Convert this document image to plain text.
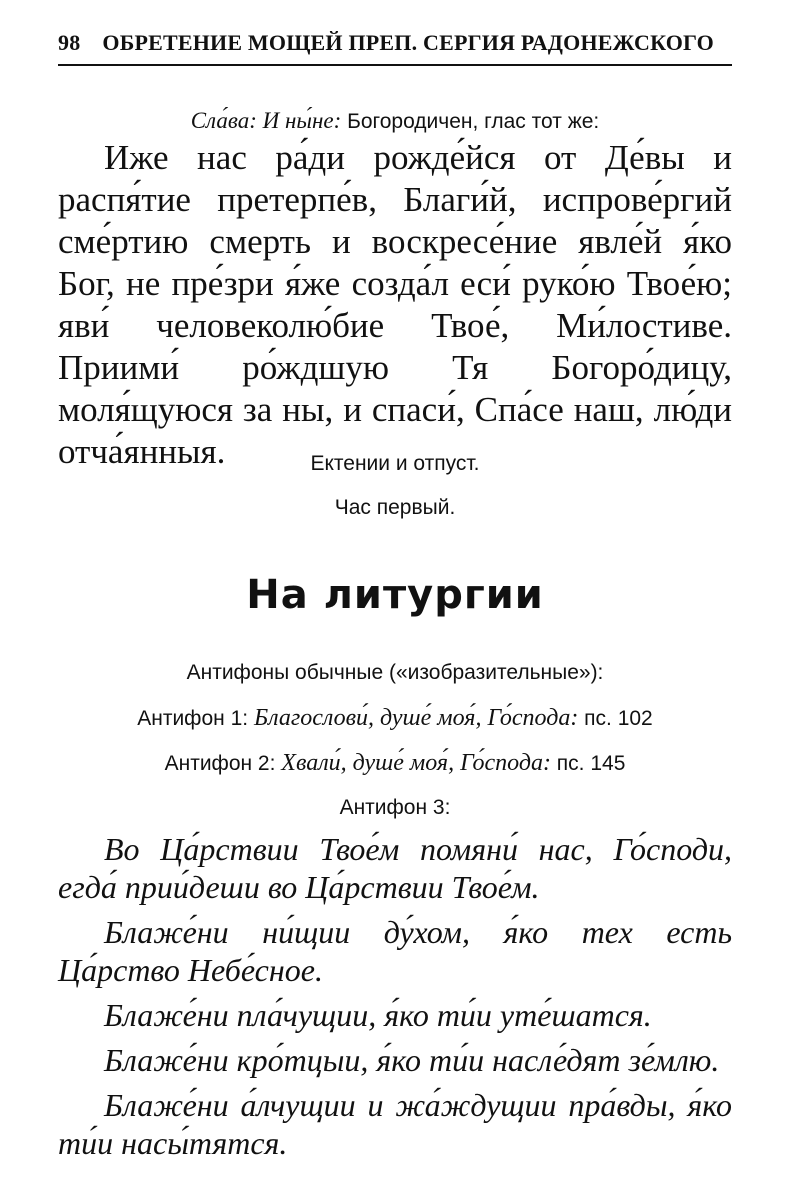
98 ОБРЕТЕНИЕ МОЩЕЙ ПРЕП. СЕРГИЯ РАДОНЕЖСКОГО
Сла́ва: И ны́не: Богородичен, глас тот же:
Иже нас ра́ди рожде́йся от Де́вы и распя́тие претерпе́в, Благи́й, испрове́ргий сме́ртию смерть и воскресе́ние явле́й я́ко Бог, не пре́зри я́же созда́л еси́ руко́ю Твое́ю; яви́ человеколю́бие Твое́, Ми́лостиве. Приими́ ро́ждшую Тя Богоро́дицу, моля́щуюся за ны, и спаси́, Спа́се наш, лю́ди отча́янныя.	Ектении и отпуст.
Час первый.
На литургии
Антифоны обычные («изобразительные»):
Антифон 1: Благослови́, душе́ моя́, Го́спода: пс. 102
Антифон 2: Хвали́, душе́ моя́, Го́спода: пс. 145
Антифон 3:

Во Ца́рствии Твое́м помяни́ нас, Го́споди, егда́ прии́деши во Ца́рствии Твое́м.

Блаже́ни ни́щии ду́хом, я́ко тех есть Ца́рство Небе́сное.

Блаже́ни пла́чущии, я́ко ти́и уте́шатся.

Блаже́ни кро́тцыи, я́ко ти́и насле́дят зе́млю.

Блаже́ни а́лчущии и жа́ждущии пра́вды, я́ко ти́и насы́тятся.
